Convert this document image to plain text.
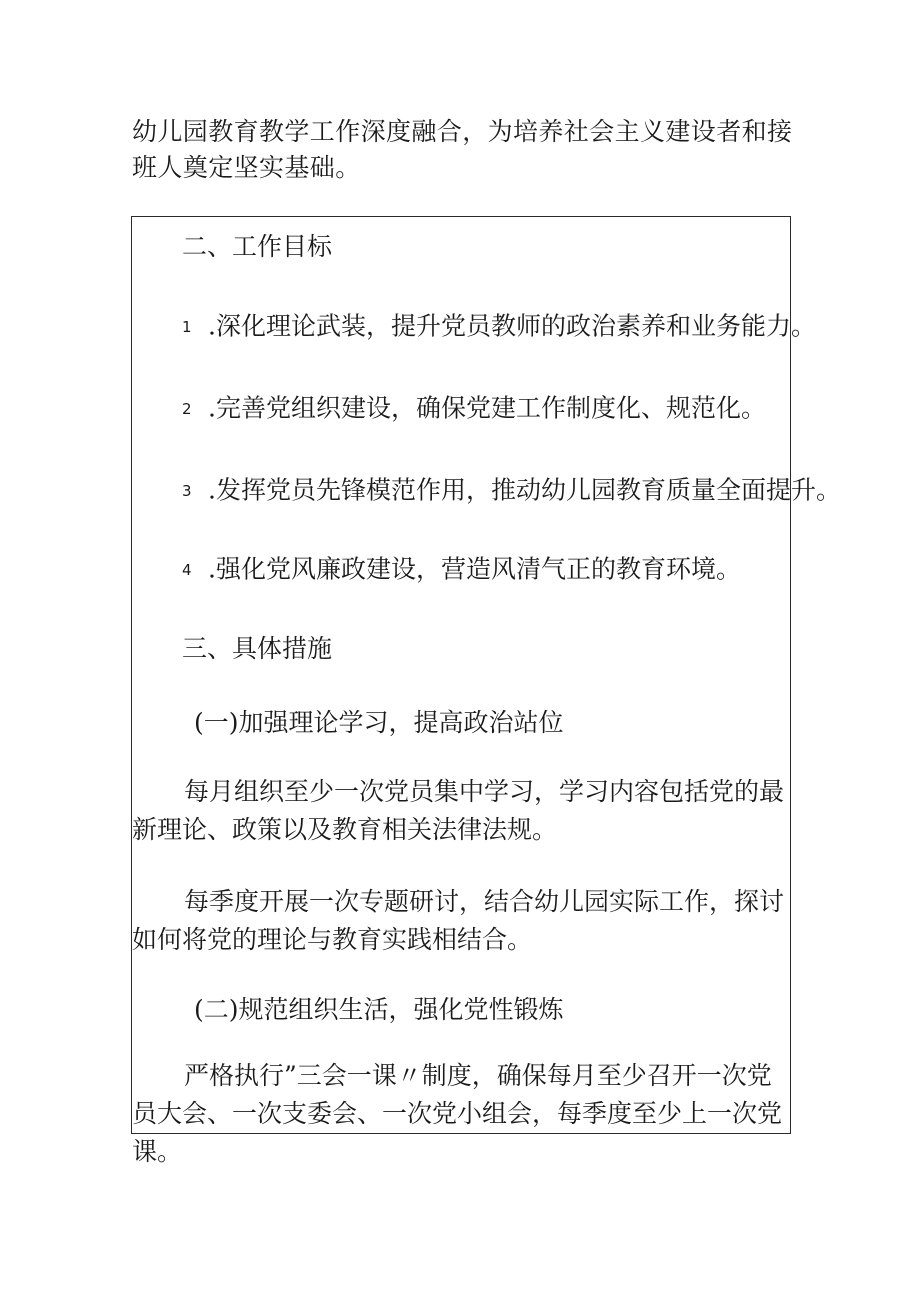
幼儿园教育教学工作深度融合，为培养社会主义建设者和接班人奠定坚实基础。

二、工作目标

1 .深化理论武装，提升党员教师的政治素养和业务能力。

2 .完善党组织建设，确保党建工作制度化、规范化。

3 .发挥党员先锋模范作用，推动幼儿园教育质量全面提升。

4 .强化党风廉政建设，营造风清气正的教育环境。

三、具体措施

(一)加强理论学习，提高政治站位

每月组织至少一次党员集中学习，学习内容包括党的最新理论、政策以及教育相关法律法规。

每季度开展一次专题研讨，结合幼儿园实际工作，探讨如何将党的理论与教育实践相结合。

(二)规范组织生活，强化党性锻炼

严格执行”三会一课〃制度，确保每月至少召开一次党员大会、一次支委会、一次党小组会，每季度至少上一次党课。
